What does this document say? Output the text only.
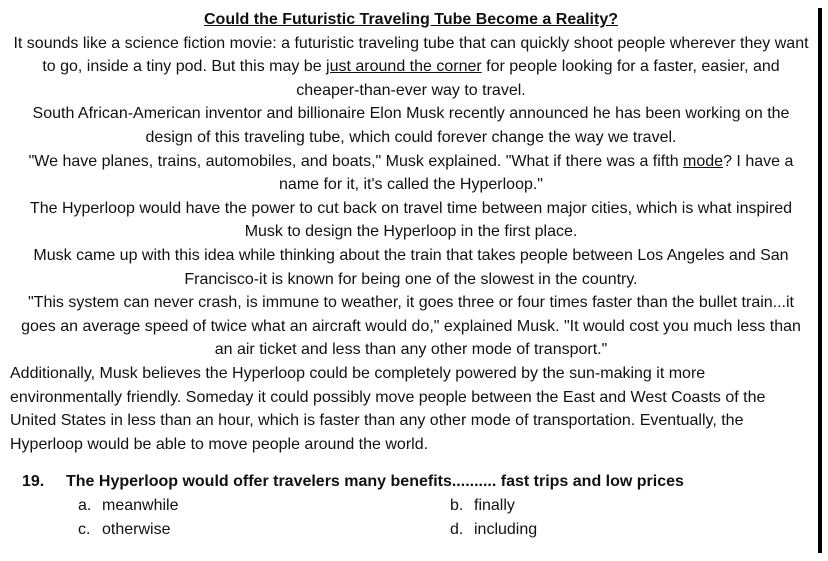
Could the Futuristic Traveling Tube Become a Reality?

It sounds like a science fiction movie: a futuristic traveling tube that can quickly shoot people wherever they want to go, inside a tiny pod. But this may be just around the corner for people looking for a faster, easier, and cheaper-than-ever way to travel.

South African-American inventor and billionaire Elon Musk recently announced he has been working on the design of this traveling tube, which could forever change the way we travel.

"We have planes, trains, automobiles, and boats," Musk explained. "What if there was a fifth mode? I have a name for it, it's called the Hyperloop."

The Hyperloop would have the power to cut back on travel time between major cities, which is what inspired Musk to design the Hyperloop in the first place.

Musk came up with this idea while thinking about the train that takes people between Los Angeles and San Francisco-it is known for being one of the slowest in the country.

"This system can never crash, is immune to weather, it goes three or four times faster than the bullet train...it goes an average speed of twice what an aircraft would do," explained Musk. "It would cost you much less than an air ticket and less than any other mode of transport."

Additionally, Musk believes the Hyperloop could be completely powered by the sun-making it more environmentally friendly. Someday it could possibly move people between the East and West Coasts of the United States in less than an hour, which is faster than any other mode of transportation. Eventually, the Hyperloop would be able to move people around the world.

19.	The Hyperloop would offer travelers many benefits.......... fast trips and low prices
a. meanwhile	b. finally
c. otherwise	d. including
